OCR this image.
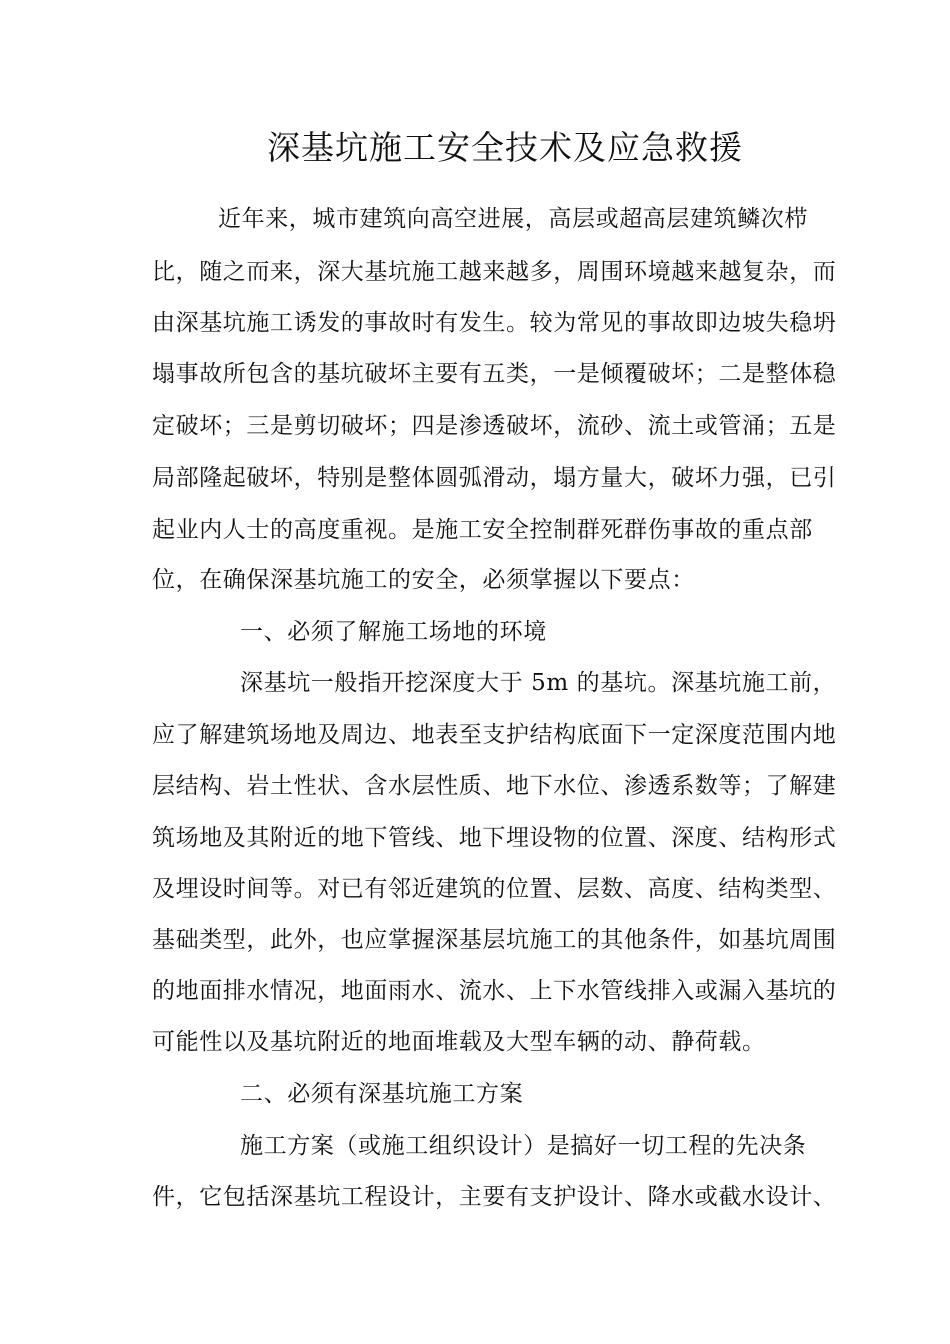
深基坑施工安全技术及应急救援
近年来，城市建筑向高空进展，高层或超高层建筑鳞次栉
比，随之而来，深大基坑施工越来越多，周围环境越来越复杂，而
由深基坑施工诱发的事故时有发生。较为常见的事故即边坡失稳坍
塌事故所包含的基坑破坏主要有五类，一是倾覆破坏；二是整体稳
定破坏；三是剪切破坏；四是渗透破坏，流砂、流土或管涌；五是
局部隆起破坏，特别是整体圆弧滑动，塌方量大，破坏力强，已引
起业内人士的高度重视。是施工安全控制群死群伤事故的重点部
位，在确保深基坑施工的安全，必须掌握以下要点：
一、必须了解施工场地的环境
深基坑一般指开挖深度大于 5m 的基坑。深基坑施工前，
应了解建筑场地及周边、地表至支护结构底面下一定深度范围内地
层结构、岩土性状、含水层性质、地下水位、渗透系数等；了解建
筑场地及其附近的地下管线、地下埋设物的位置、深度、结构形式
及埋设时间等。对已有邻近建筑的位置、层数、高度、结构类型、
基础类型，此外，也应掌握深基层坑施工的其他条件，如基坑周围
的地面排水情况，地面雨水、流水、上下水管线排入或漏入基坑的
可能性以及基坑附近的地面堆载及大型车辆的动、静荷载。
二、必须有深基坑施工方案
施工方案（或施工组织设计）是搞好一切工程的先决条
件，它包括深基坑工程设计，主要有支护设计、降水或截水设计、
